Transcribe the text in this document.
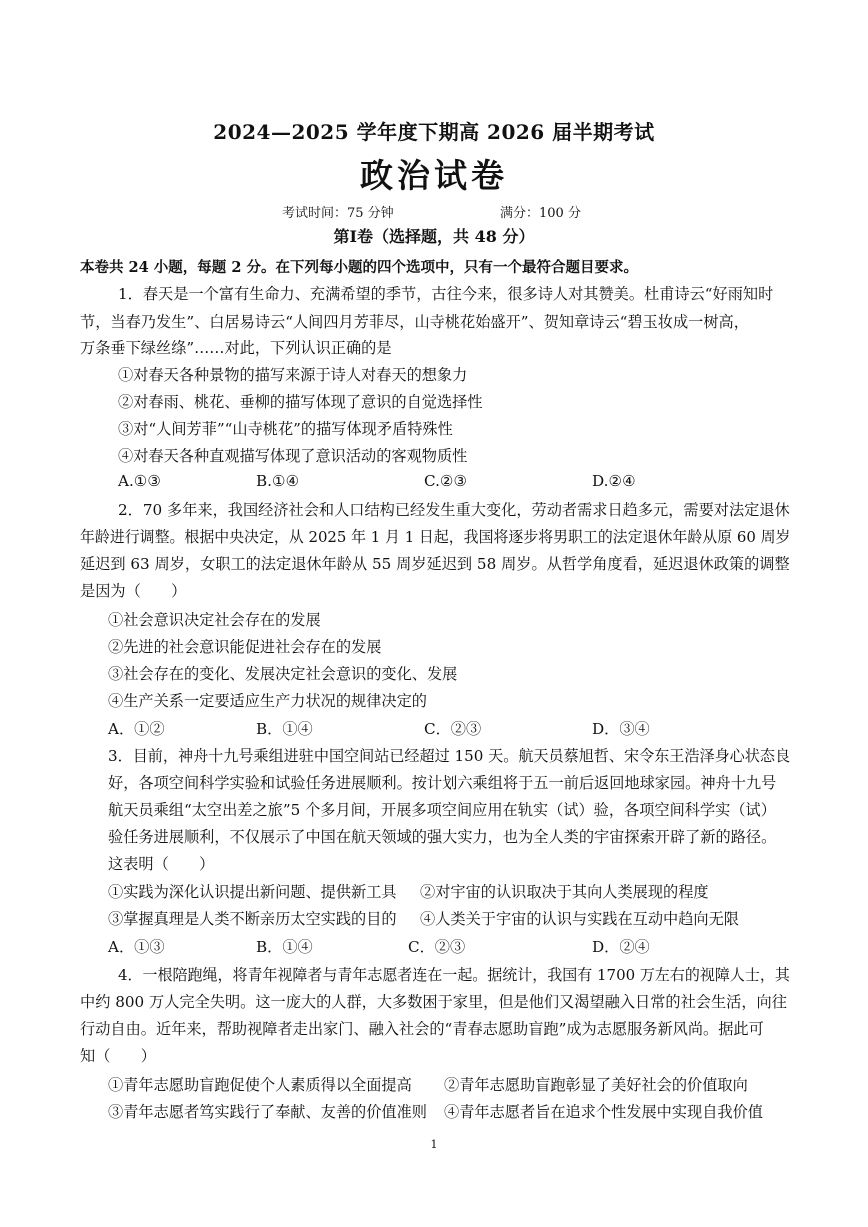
2024—2025 学年度下期高 2026 届半期考试
政治试卷
考试时间：75 分钟	满分：100 分
第Ⅰ卷（选择题，共 48 分）
本卷共 24 小题，每题 2 分。在下列每小题的四个选项中，只有一个最符合题目要求。
1．春天是一个富有生命力、充满希望的季节，古往今来，很多诗人对其赞美。杜甫诗云“好雨知时
节，当春乃发生”、白居易诗云“人间四月芳菲尽，山寺桃花始盛开”、贺知章诗云“碧玉妆成一树高，
万条垂下绿丝绦”……对此，下列认识正确的是
①对春天各种景物的描写来源于诗人对春天的想象力
②对春雨、桃花、垂柳的描写体现了意识的自觉选择性
③对“人间芳菲”“山寺桃花”的描写体现矛盾特殊性
④对春天各种直观描写体现了意识活动的客观物质性
A.①③	B.①④	C.②③	D.②④
2．70 多年来，我国经济社会和人口结构已经发生重大变化，劳动者需求日趋多元，需要对法定退休
年龄进行调整。根据中央决定，从 2025 年 1 月 1 日起，我国将逐步将男职工的法定退休年龄从原 60 周岁
延迟到 63 周岁，女职工的法定退休年龄从 55 周岁延迟到 58 周岁。从哲学角度看，延迟退休政策的调整
是因为（　　）
①社会意识决定社会存在的发展
②先进的社会意识能促进社会存在的发展
③社会存在的变化、发展决定社会意识的变化、发展
④生产关系一定要适应生产力状况的规律决定的
A．①②	B．①④	C．②③	D．③④
3．目前，神舟十九号乘组进驻中国空间站已经超过 150 天。航天员蔡旭哲、宋令东王浩泽身心状态良
好，各项空间科学实验和试验任务进展顺利。按计划六乘组将于五一前后返回地球家园。神舟十九号
航天员乘组“太空出差之旅”5 个多月间，开展多项空间应用在轨实（试）验，各项空间科学实（试）
验任务进展顺利，不仅展示了中国在航天领域的强大实力，也为全人类的宇宙探索开辟了新的路径。
这表明（　　）
①实践为深化认识提出新问题、提供新工具 ②对宇宙的认识取决于其向人类展现的程度
③掌握真理是人类不断亲历太空实践的目的 ④人类关于宇宙的认识与实践在互动中趋向无限
A．①③	B．①④	C．②③	D．②④
4．一根陪跑绳，将青年视障者与青年志愿者连在一起。据统计，我国有 1700 万左右的视障人士，其
中约 800 万人完全失明。这一庞大的人群，大多数困于家里，但是他们又渴望融入日常的社会生活，向往
行动自由。近年来，帮助视障者走出家门、融入社会的“青春志愿助盲跑”成为志愿服务新风尚。据此可
知（　　）
①青年志愿助盲跑促使个人素质得以全面提高 ②青年志愿助盲跑彰显了美好社会的价值取向
③青年志愿者笃实践行了奉献、友善的价值准则 ④青年志愿者旨在追求个性发展中实现自我价值
1
